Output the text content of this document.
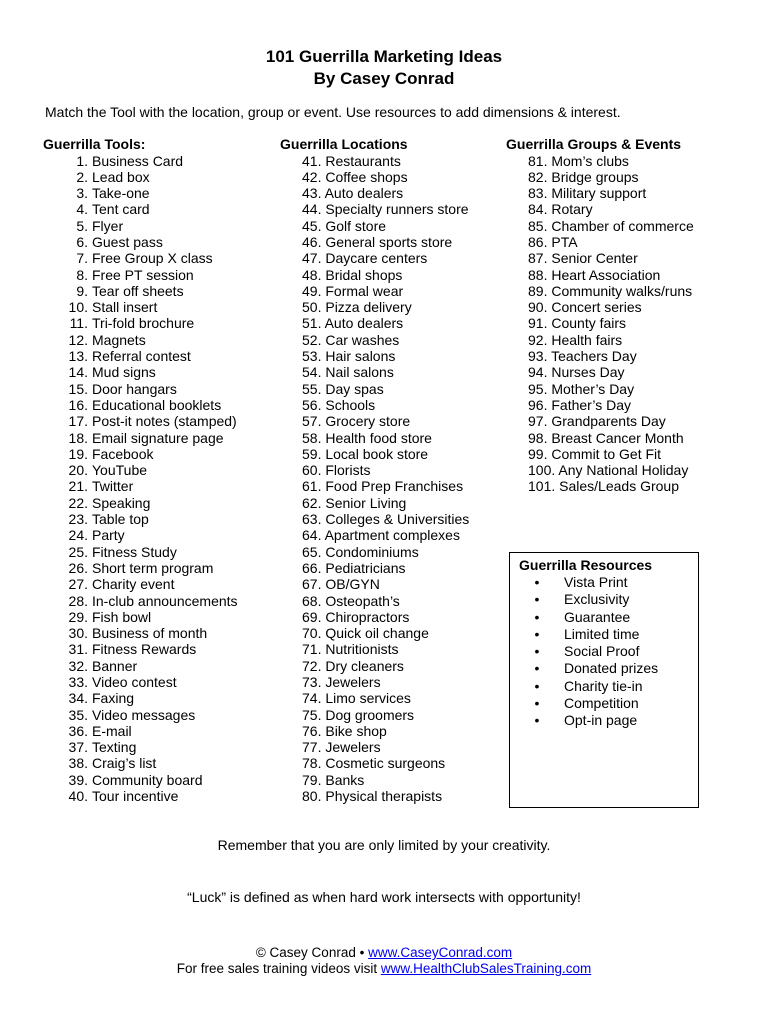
101 Guerrilla Marketing Ideas
By Casey Conrad
Match the Tool with the location, group or event. Use resources to add dimensions & interest.
Guerrilla Tools:
1. Business Card
2. Lead box
3. Take-one
4. Tent card
5. Flyer
6. Guest pass
7. Free Group X class
8. Free PT session
9. Tear off sheets
10. Stall insert
11. Tri-fold brochure
12. Magnets
13. Referral contest
14. Mud signs
15. Door hangars
16. Educational booklets
17. Post-it notes (stamped)
18. Email signature page
19. Facebook
20. YouTube
21. Twitter
22. Speaking
23. Table top
24. Party
25. Fitness Study
26. Short term program
27. Charity event
28. In-club announcements
29. Fish bowl
30. Business of month
31. Fitness Rewards
32. Banner
33. Video contest
34. Faxing
35. Video messages
36. E-mail
37. Texting
38. Craig’s list
39. Community board
40. Tour incentive
Guerrilla Locations
41. Restaurants
42. Coffee shops
43. Auto dealers
44. Specialty runners store
45. Golf store
46. General sports store
47. Daycare centers
48. Bridal shops
49. Formal wear
50. Pizza delivery
51. Auto dealers
52. Car washes
53. Hair salons
54. Nail salons
55. Day spas
56. Schools
57. Grocery store
58. Health food store
59. Local book store
60. Florists
61. Food Prep Franchises
62. Senior Living
63. Colleges & Universities
64. Apartment complexes
65. Condominiums
66. Pediatricians
67. OB/GYN
68. Osteopath’s
69. Chiropractors
70. Quick oil change
71. Nutritionists
72. Dry cleaners
73. Jewelers
74. Limo services
75. Dog groomers
76. Bike shop
77. Jewelers
78. Cosmetic surgeons
79. Banks
80. Physical therapists
Guerrilla Groups & Events
81. Mom’s clubs
82. Bridge groups
83. Military support
84. Rotary
85. Chamber of commerce
86. PTA
87. Senior Center
88. Heart Association
89. Community walks/runs
90. Concert series
91. County fairs
92. Health fairs
93. Teachers Day
94. Nurses Day
95. Mother’s Day
96. Father’s Day
97. Grandparents Day
98. Breast Cancer Month
99. Commit to Get Fit
100. Any National Holiday
101. Sales/Leads Group
Guerrilla Resources
•	Vista Print
•	Exclusivity
•	Guarantee
•	Limited time
•	Social Proof
•	Donated prizes
•	Charity tie-in
•	Competition
•	Opt-in page
Remember that you are only limited by your creativity.
“Luck” is defined as when hard work intersects with opportunity!
© Casey Conrad • www.CaseyConrad.com
For free sales training videos visit www.HealthClubSalesTraining.com
